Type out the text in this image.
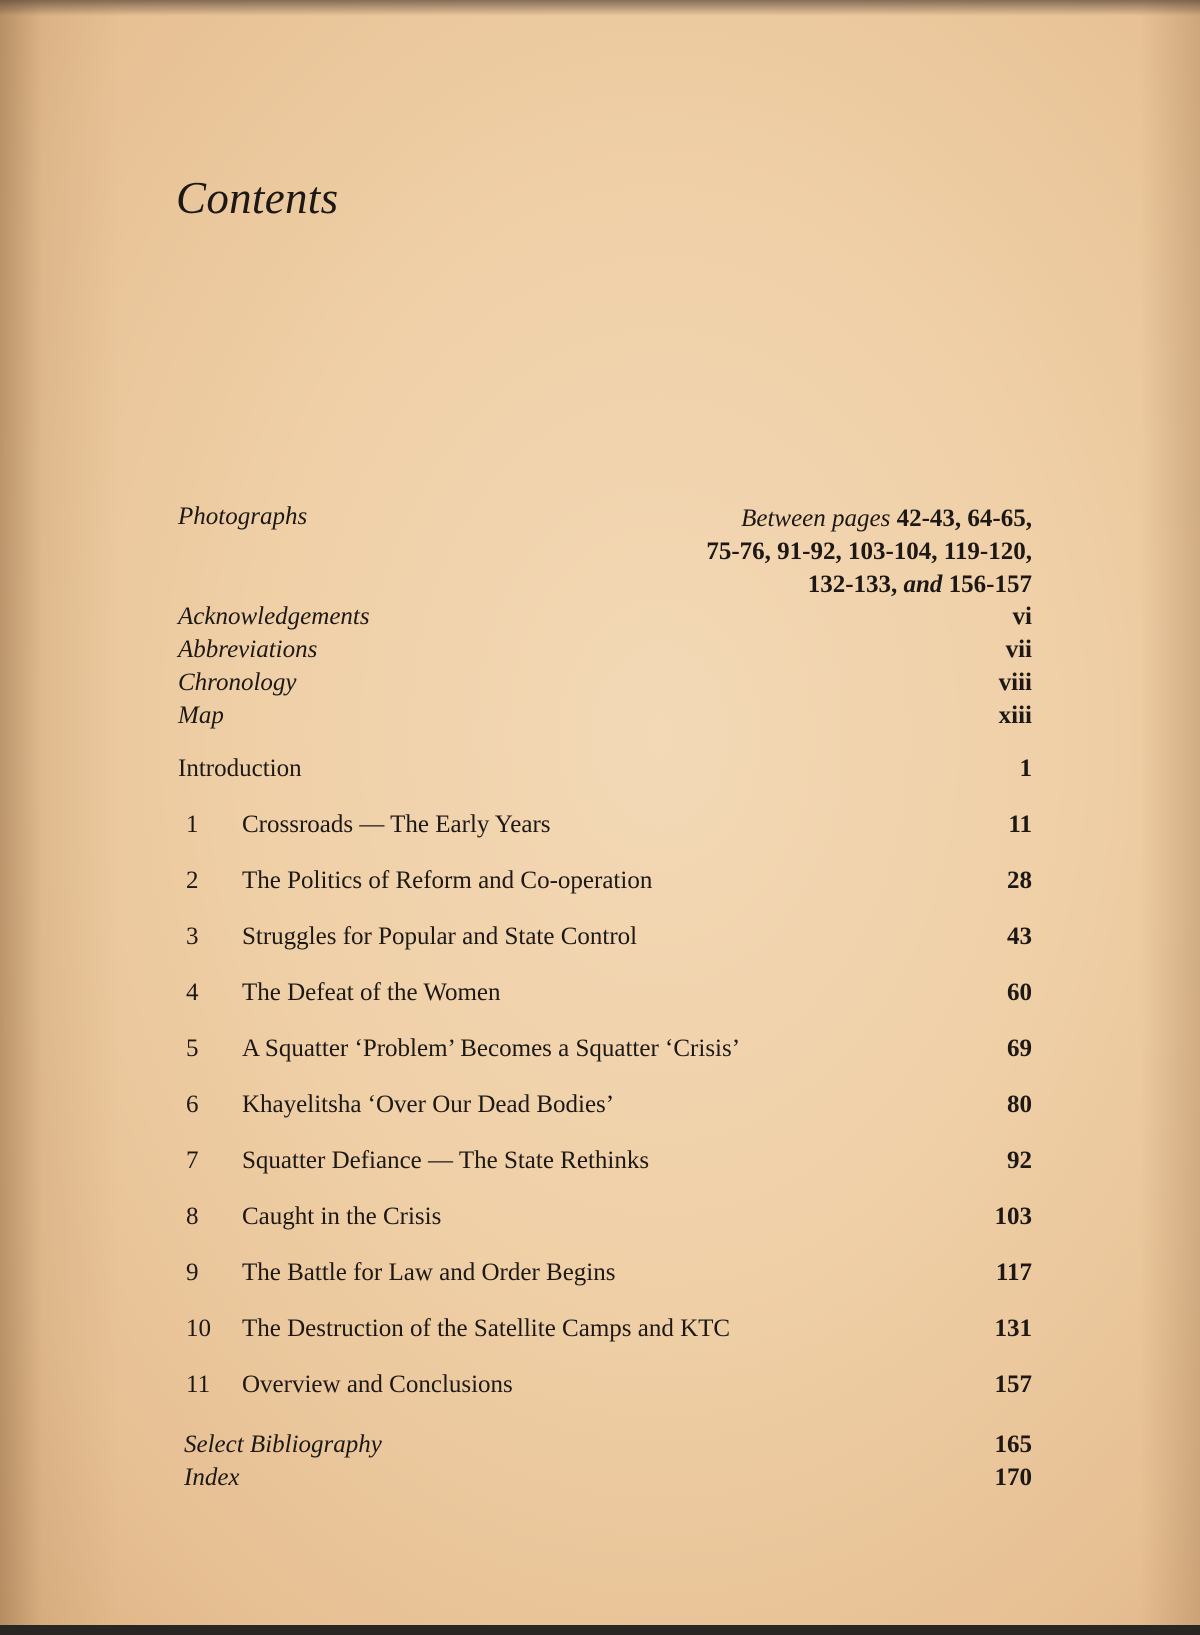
Contents
Photographs	Between pages 42-43, 64-65,
75-76, 91-92, 103-104, 119-120,
132-133, and 156-157
Acknowledgements	vi
Abbreviations	vii
Chronology	viii
Map	xiii
Introduction	1
1	Crossroads — The Early Years	11
2	The Politics of Reform and Co-operation	28
3	Struggles for Popular and State Control	43
4	The Defeat of the Women	60
5	A Squatter ‘Problem’ Becomes a Squatter ‘Crisis’	69
6	Khayelitsha ‘Over Our Dead Bodies’	80
7	Squatter Defiance — The State Rethinks	92
8	Caught in the Crisis	103
9	The Battle for Law and Order Begins	117
10 The Destruction of the Satellite Camps and KTC	131
11 Overview and Conclusions	157
Select Bibliography	165
Index	170
